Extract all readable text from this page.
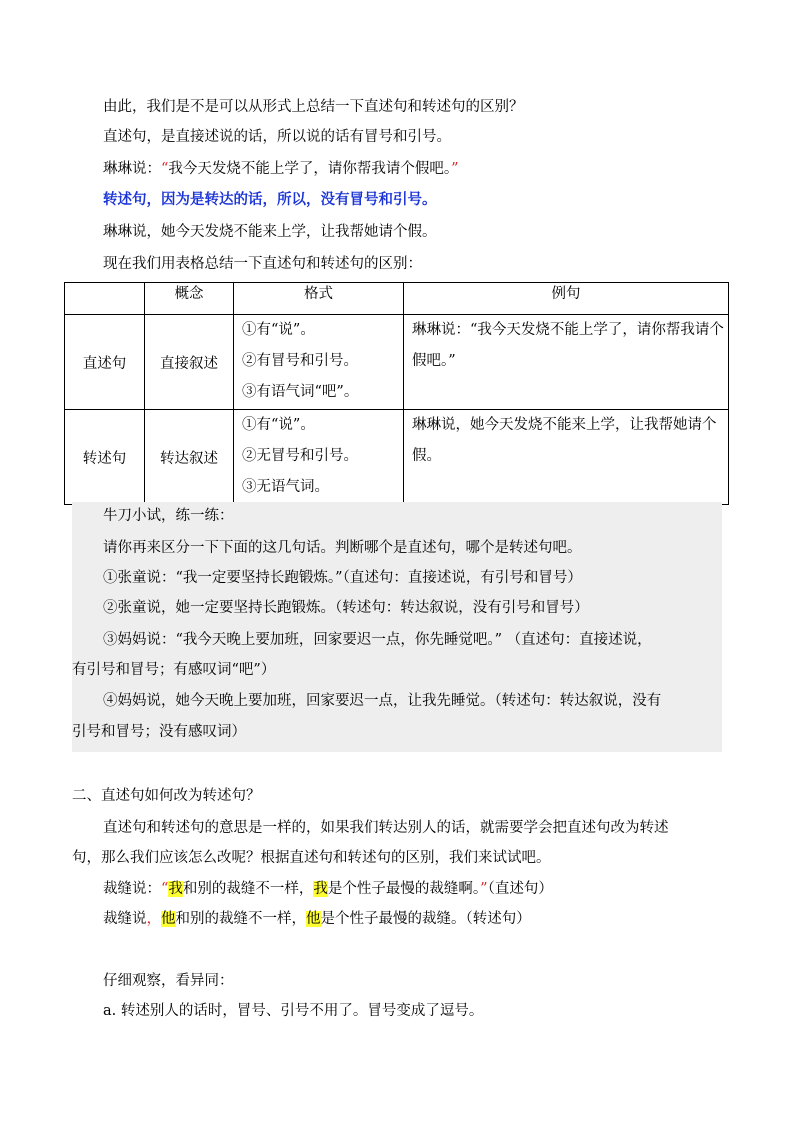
由此，我们是不是可以从形式上总结一下直述句和转述句的区别？
直述句，是直接述说的话，所以说的话有冒号和引号。
琳琳说：“我今天发烧不能上学了，请你帮我请个假吧。”
转述句，因为是转达的话，所以，没有冒号和引号。
琳琳说，她今天发烧不能来上学，让我帮她请个假。
现在我们用表格总结一下直述句和转述句的区别：
	概念	格式	例句
直述句	直接叙述	①有“说”。
②有冒号和引号。
③有语气词“吧”。	琳琳说：“我今天发烧不能上学了，请你帮我请个假吧。”

转述句	转达叙述	①有“说”。
②无冒号和引号。
③无语气词。	琳琳说，她今天发烧不能来上学，让我帮她请个假。
牛刀小试，练一练：
请你再来区分一下下面的这几句话。判断哪个是直述句，哪个是转述句吧。
①张童说：“我一定要坚持长跑锻炼。”（直述句：直接述说，有引号和冒号）
②张童说，她一定要坚持长跑锻炼。（转述句：转达叙说，没有引号和冒号）
③妈妈说：“我今天晚上要加班，回家要迟一点，你先睡觉吧。” （直述句：直接述说，
有引号和冒号；有感叹词“吧”）
④妈妈说，她今天晚上要加班，回家要迟一点，让我先睡觉。（转述句：转达叙说，没有
引号和冒号；没有感叹词）
二、直述句如何改为转述句？
直述句和转述句的意思是一样的，如果我们转达别人的话，就需要学会把直述句改为转述
句，那么我们应该怎么改呢？根据直述句和转述句的区别，我们来试试吧。
裁缝说：“我和别的裁缝不一样，我是个性子最慢的裁缝啊。”（直述句）
裁缝说，他和别的裁缝不一样，他是个性子最慢的裁缝。（转述句）
仔细观察，看异同：
a. 转述别人的话时，冒号、引号不用了。冒号变成了逗号。
